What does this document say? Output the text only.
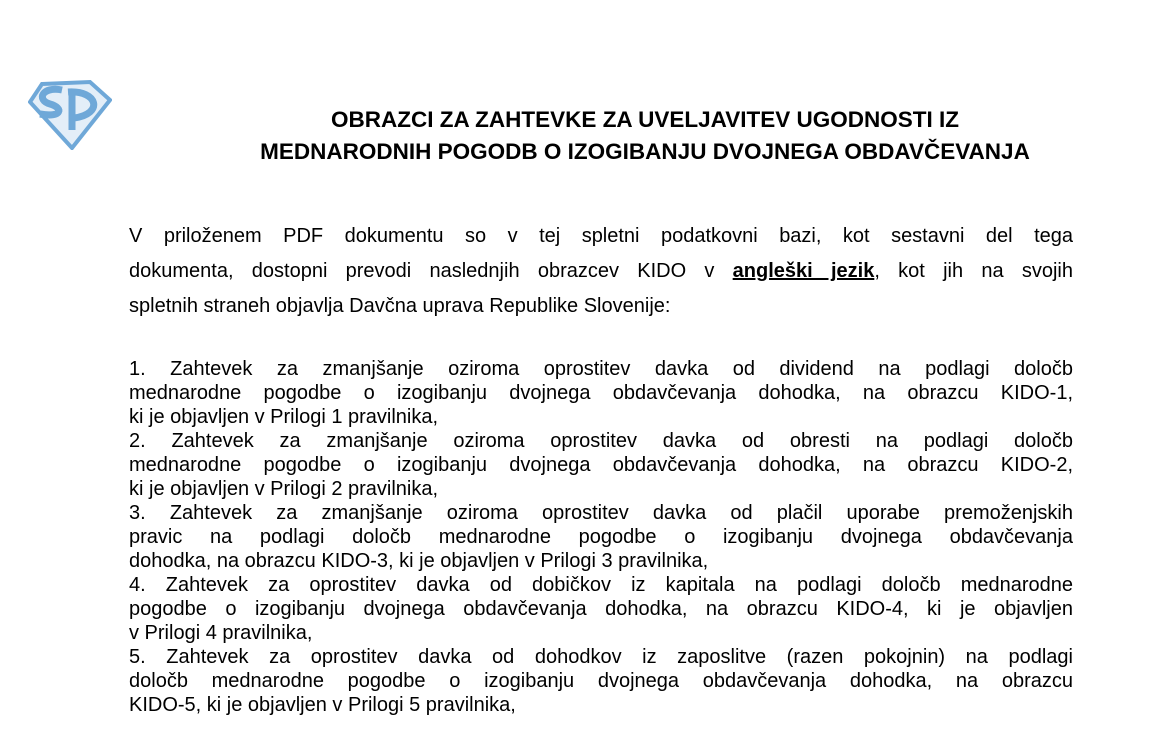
OBRAZCI ZA ZAHTEVKE ZA UVELJAVITEV UGODNOSTI IZ
MEDNARODNIH POGODB O IZOGIBANJU DVOJNEGA OBDAVČEVANJA
V priloženem PDF dokumentu so v tej spletni podatkovni bazi, kot sestavni del tega
dokumenta, dostopni prevodi naslednjih obrazcev KIDO v angleški jezik, kot jih na svojih
spletnih straneh objavlja Davčna uprava Republike Slovenije:
1. Zahtevek za zmanjšanje oziroma oprostitev davka od dividend na podlagi določb
mednarodne pogodbe o izogibanju dvojnega obdavčevanja dohodka, na obrazcu KIDO-1,
ki je objavljen v Prilogi 1 pravilnika,
2. Zahtevek za zmanjšanje oziroma oprostitev davka od obresti na podlagi določb
mednarodne pogodbe o izogibanju dvojnega obdavčevanja dohodka, na obrazcu KIDO-2,
ki je objavljen v Prilogi 2 pravilnika,
3. Zahtevek za zmanjšanje oziroma oprostitev davka od plačil uporabe premoženjskih
pravic na podlagi določb mednarodne pogodbe o izogibanju dvojnega obdavčevanja
dohodka, na obrazcu KIDO-3, ki je objavljen v Prilogi 3 pravilnika,
4. Zahtevek za oprostitev davka od dobičkov iz kapitala na podlagi določb mednarodne
pogodbe o izogibanju dvojnega obdavčevanja dohodka, na obrazcu KIDO-4, ki je objavljen
v Prilogi 4 pravilnika,
5. Zahtevek za oprostitev davka od dohodkov iz zaposlitve (razen pokojnin) na podlagi
določb mednarodne pogodbe o izogibanju dvojnega obdavčevanja dohodka, na obrazcu
KIDO-5, ki je objavljen v Prilogi 5 pravilnika,
